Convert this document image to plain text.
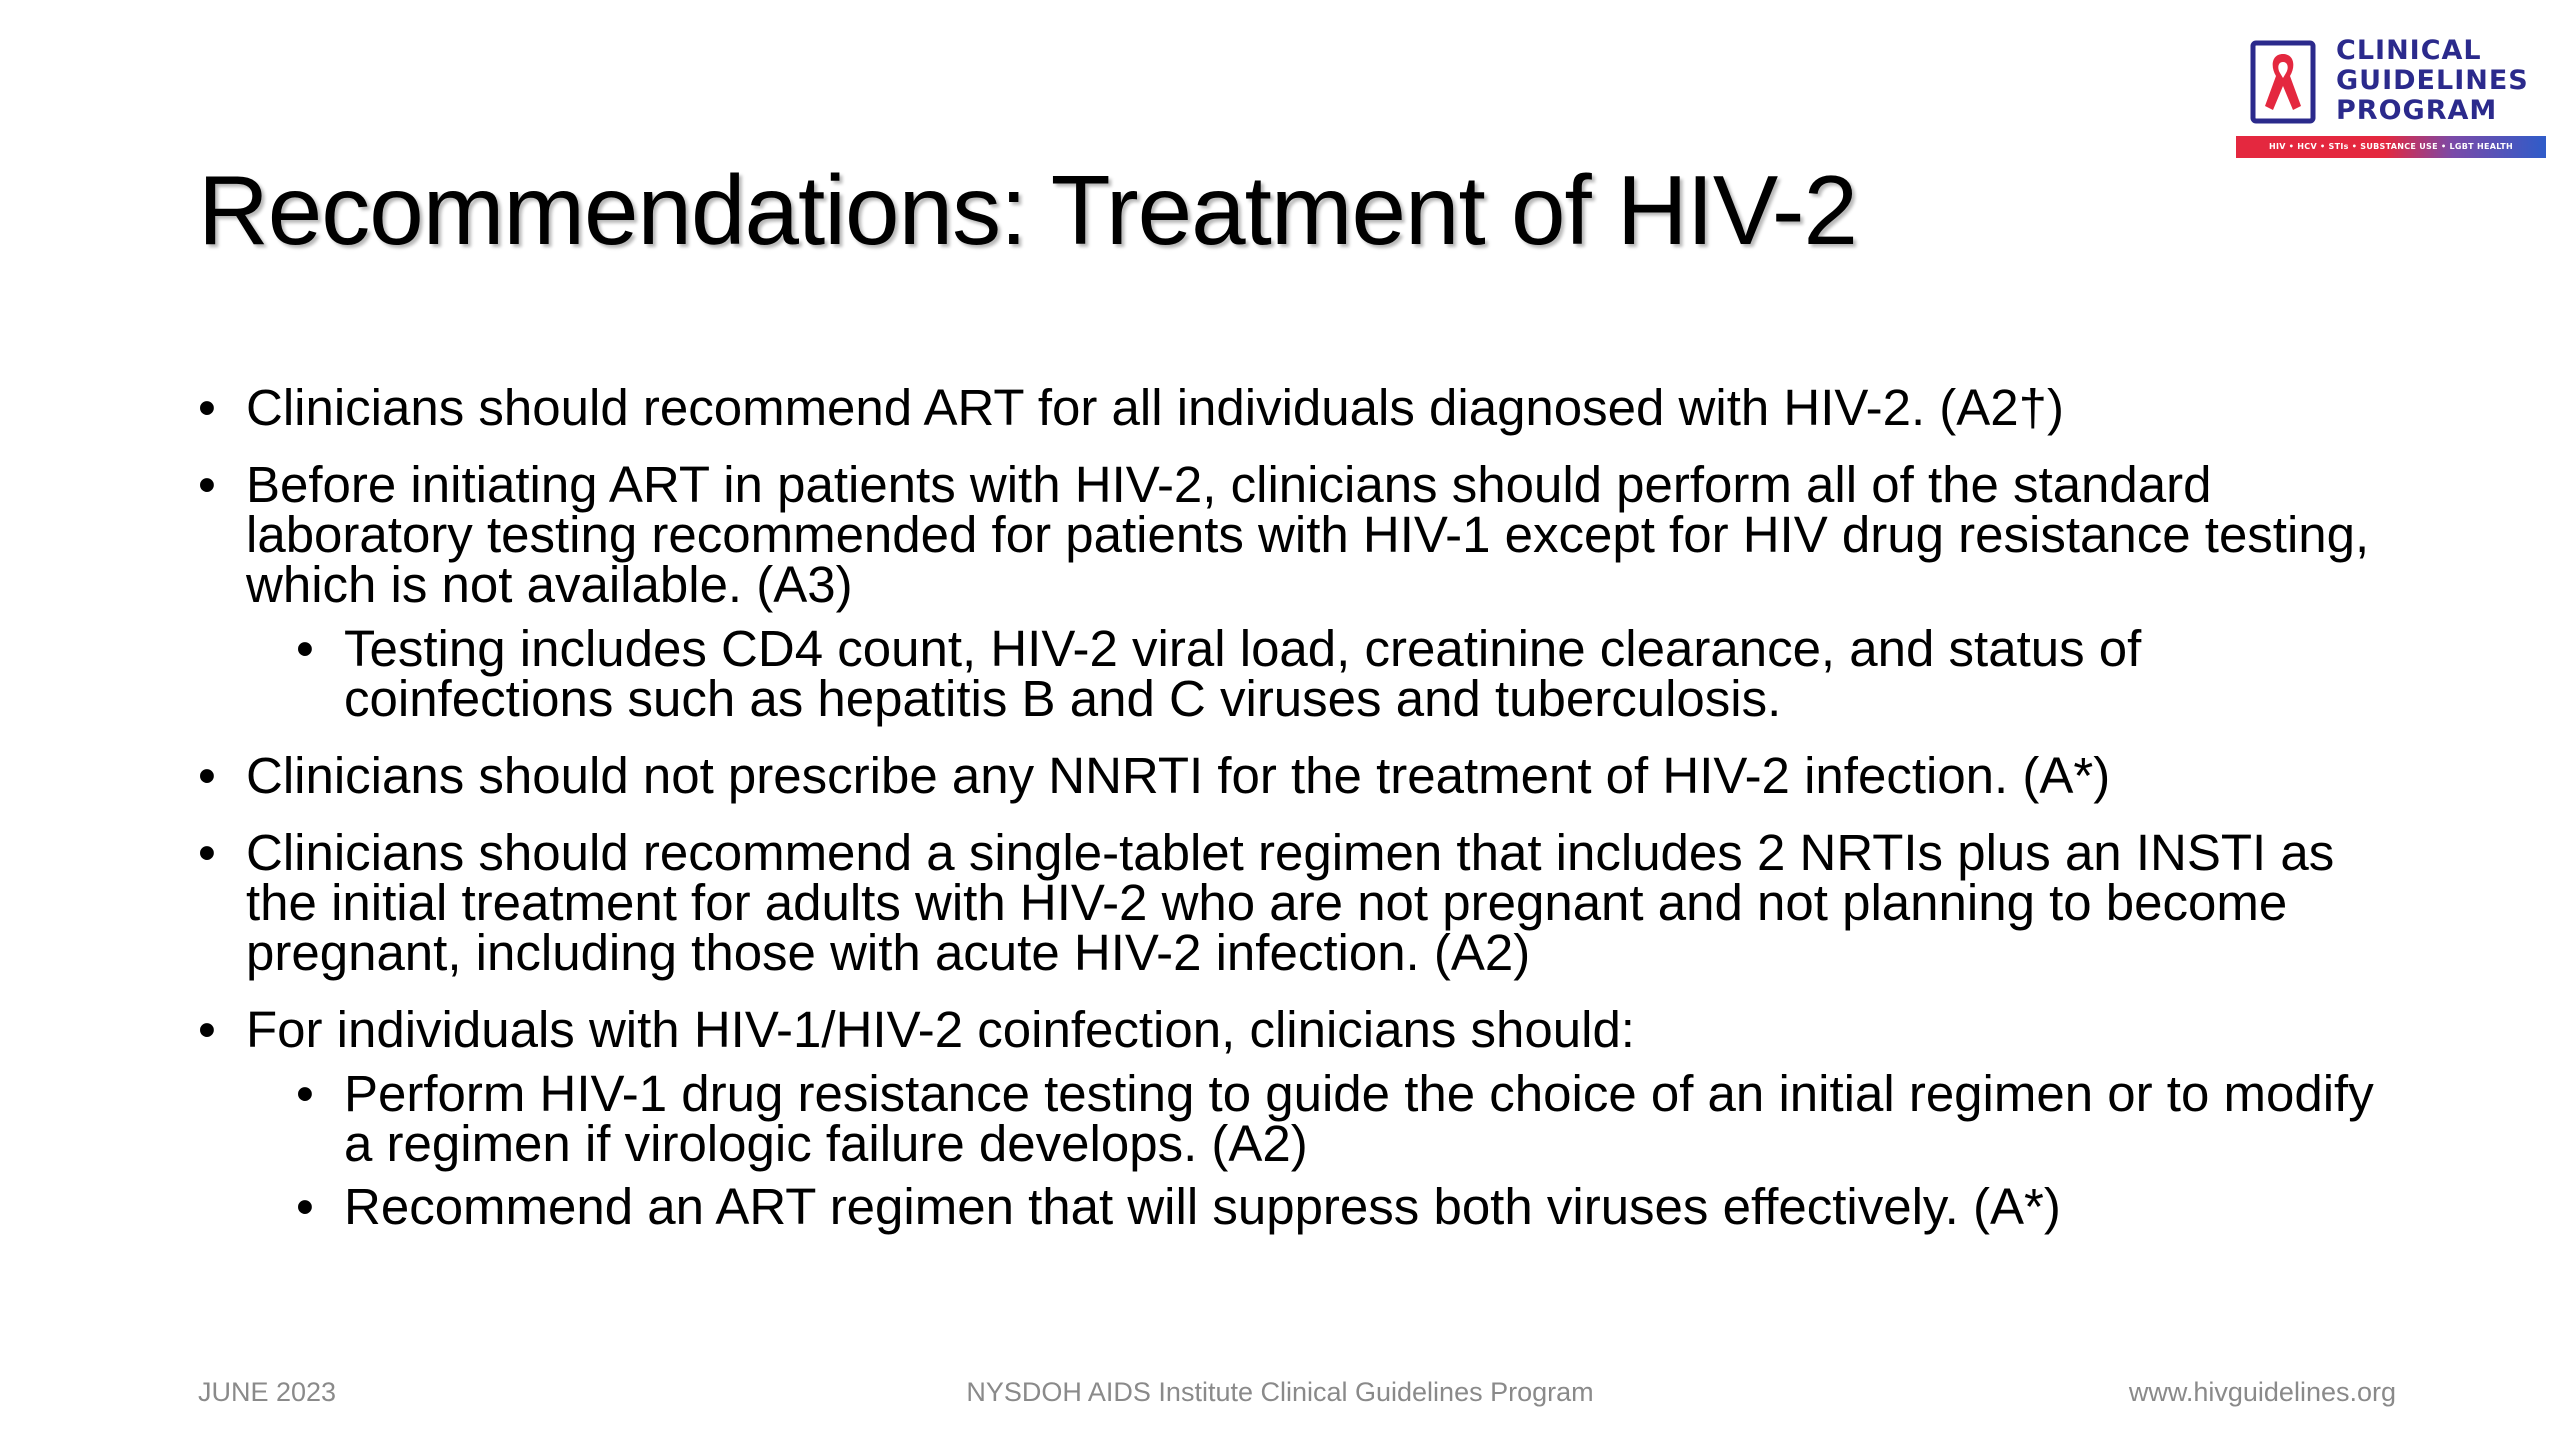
CLINICAL
GUIDELINES
PROGRAM
HIV • HCV • STIs • SUBSTANCE USE • LGBT HEALTH
Recommendations: Treatment of HIV-2
• Clinicians should recommend ART for all individuals diagnosed with HIV-2. (A2†)
• Before initiating ART in patients with HIV-2, clinicians should perform all of the standard laboratory testing recommended for patients with HIV-1 except for HIV drug resistance testing, which is not available. (A3)
• Testing includes CD4 count, HIV-2 viral load, creatinine clearance, and status of coinfections such as hepatitis B and C viruses and tuberculosis.
• Clinicians should not prescribe any NNRTI for the treatment of HIV-2 infection. (A*)
• Clinicians should recommend a single-tablet regimen that includes 2 NRTIs plus an INSTI as the initial treatment for adults with HIV-2 who are not pregnant and not planning to become pregnant, including those with acute HIV-2 infection. (A2)
• For individuals with HIV-1/HIV-2 coinfection, clinicians should:
• Perform HIV-1 drug resistance testing to guide the choice of an initial regimen or to modify a regimen if virologic failure develops. (A2)
• Recommend an ART regimen that will suppress both viruses effectively. (A*)
JUNE 2023	NYSDOH AIDS Institute Clinical Guidelines Program	www.hivguidelines.org
